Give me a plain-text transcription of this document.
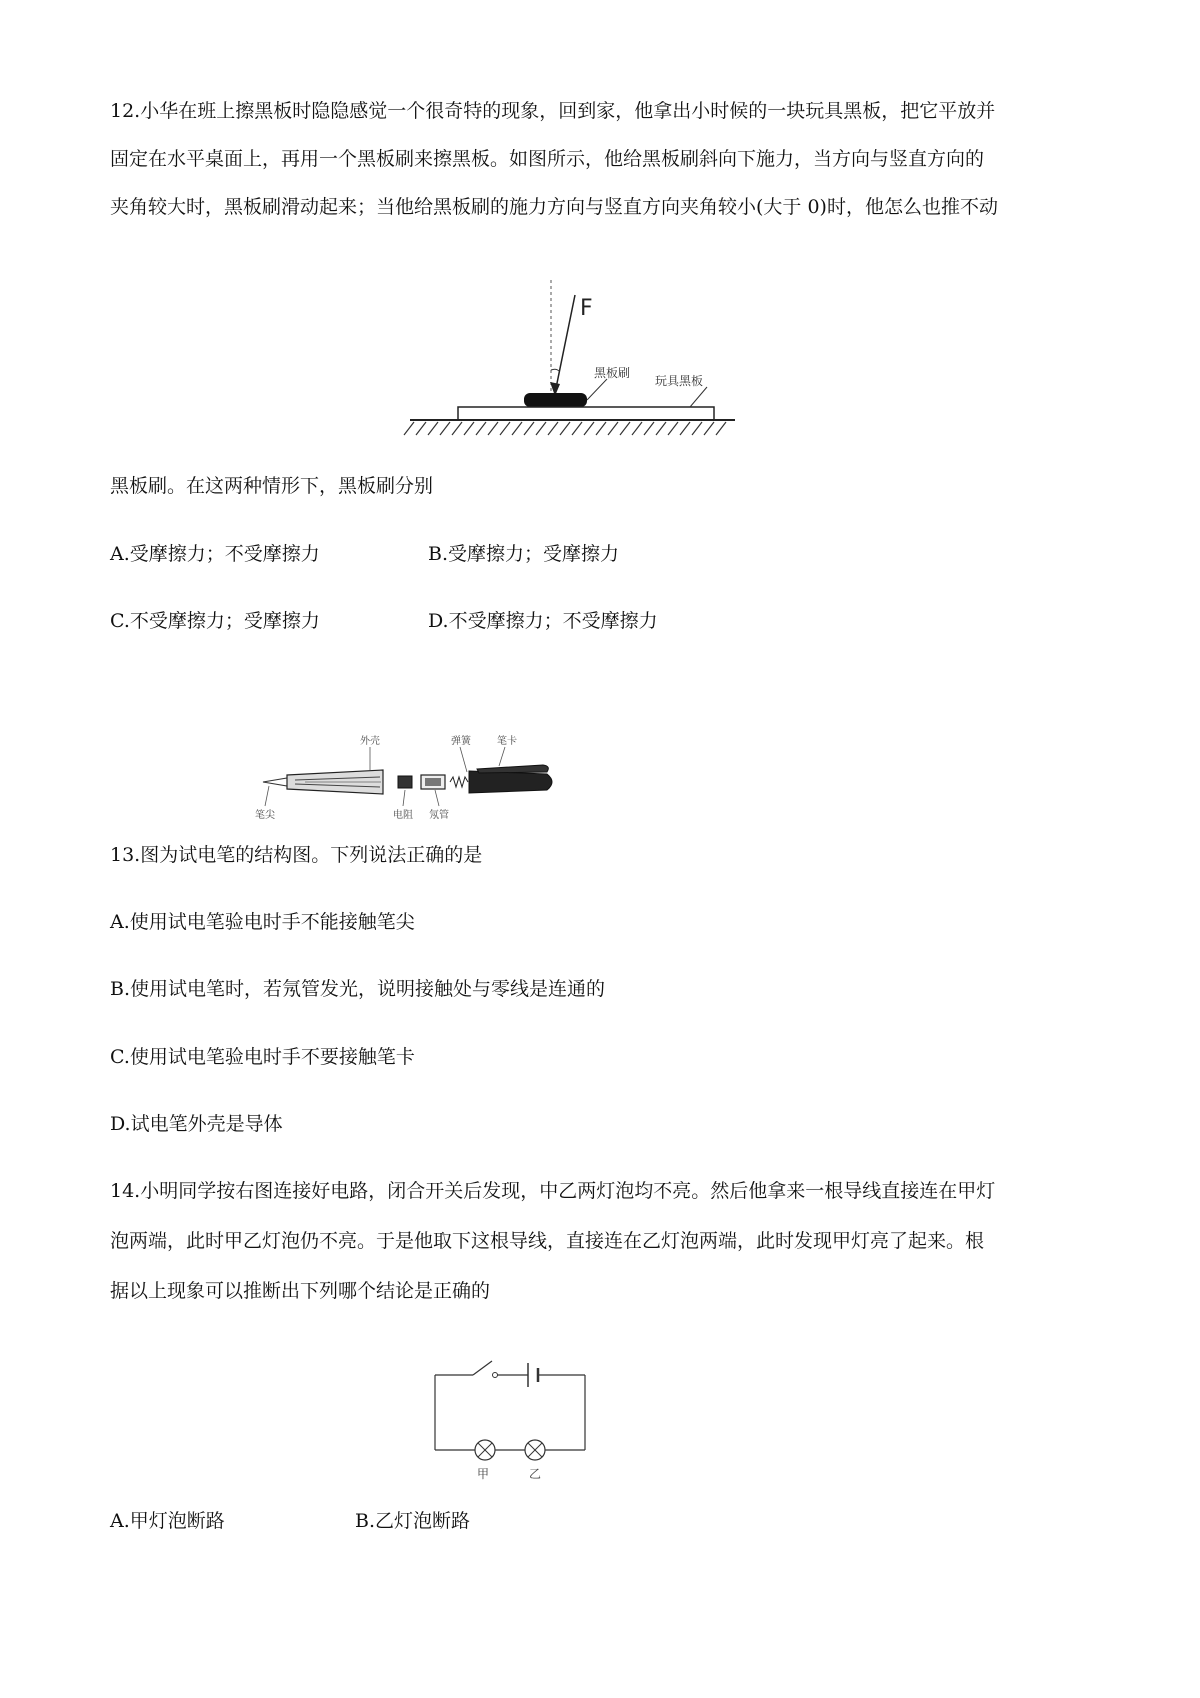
12.小华在班上擦黑板时隐隐感觉一个很奇特的现象，回到家，他拿出小时候的一块玩具黑板，把它平放并
固定在水平桌面上，再用一个黑板刷来擦黑板。如图所示，他给黑板刷斜向下施力，当方向与竖直方向的
夹角较大时，黑板刷滑动起来；当他给黑板刷的施力方向与竖直方向夹角较小(大于 0)时，他怎么也推不动
F
黑板刷
玩具黑板
黑板刷。在这两种情形下，黑板刷分别
A.受摩擦力；不受摩擦力	B.受摩擦力；受摩擦力
C.不受摩擦力；受摩擦力	D.不受摩擦力；不受摩擦力
外壳	弹簧	笔卡
笔尖	电阻 氖管
13.图为试电笔的结构图。下列说法正确的是
A.使用试电笔验电时手不能接触笔尖
B.使用试电笔时，若氖管发光，说明接触处与零线是连通的
C.使用试电笔验电时手不要接触笔卡
D.试电笔外壳是导体
14.小明同学按右图连接好电路，闭合开关后发现，中乙两灯泡均不亮。然后他拿来一根导线直接连在甲灯
泡两端，此时甲乙灯泡仍不亮。于是他取下这根导线，直接连在乙灯泡两端，此时发现甲灯亮了起来。根
据以上现象可以推断出下列哪个结论是正确的
甲	乙
A.甲灯泡断路	B.乙灯泡断路
